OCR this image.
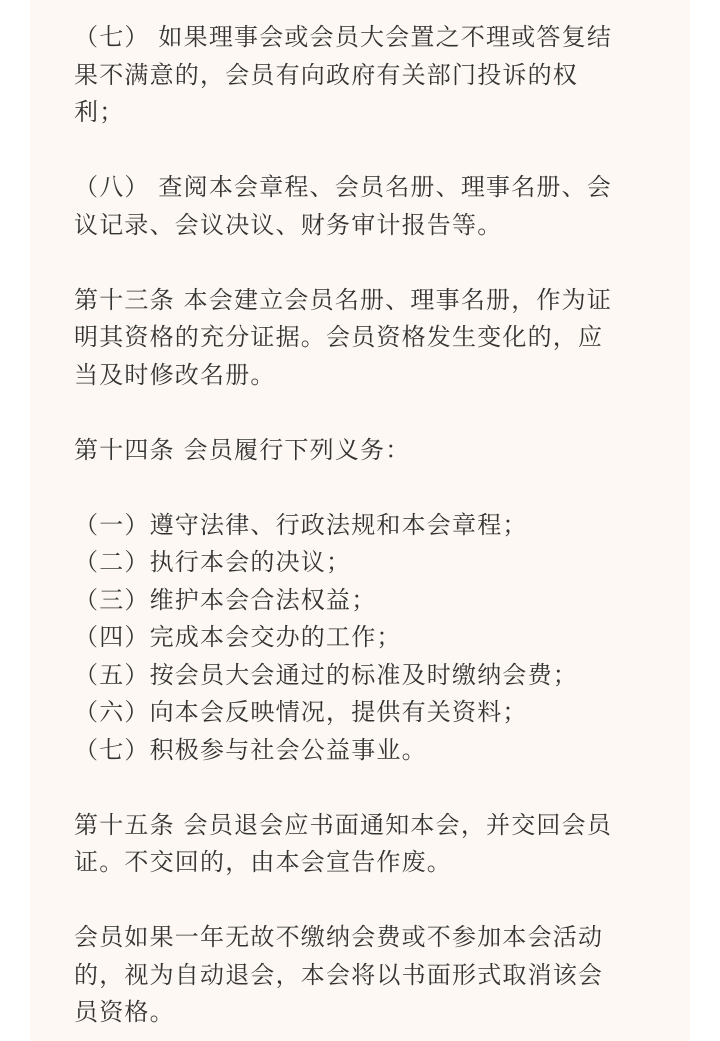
（七） 如果理事会或会员大会置之不理或答复结
果不满意的，会员有向政府有关部门投诉的权
利；

（八） 查阅本会章程、会员名册、理事名册、会
议记录、会议决议、财务审计报告等。

第十三条 本会建立会员名册、理事名册，作为证
明其资格的充分证据。会员资格发生变化的，应
当及时修改名册。

第十四条 会员履行下列义务：

（一）遵守法律、行政法规和本会章程；
（二）执行本会的决议；
（三）维护本会合法权益；
（四）完成本会交办的工作；
（五）按会员大会通过的标准及时缴纳会费；
（六）向本会反映情况，提供有关资料；
（七）积极参与社会公益事业。

第十五条 会员退会应书面通知本会，并交回会员
证。不交回的，由本会宣告作废。

会员如果一年无故不缴纳会费或不参加本会活动
的，视为自动退会，本会将以书面形式取消该会
员资格。
